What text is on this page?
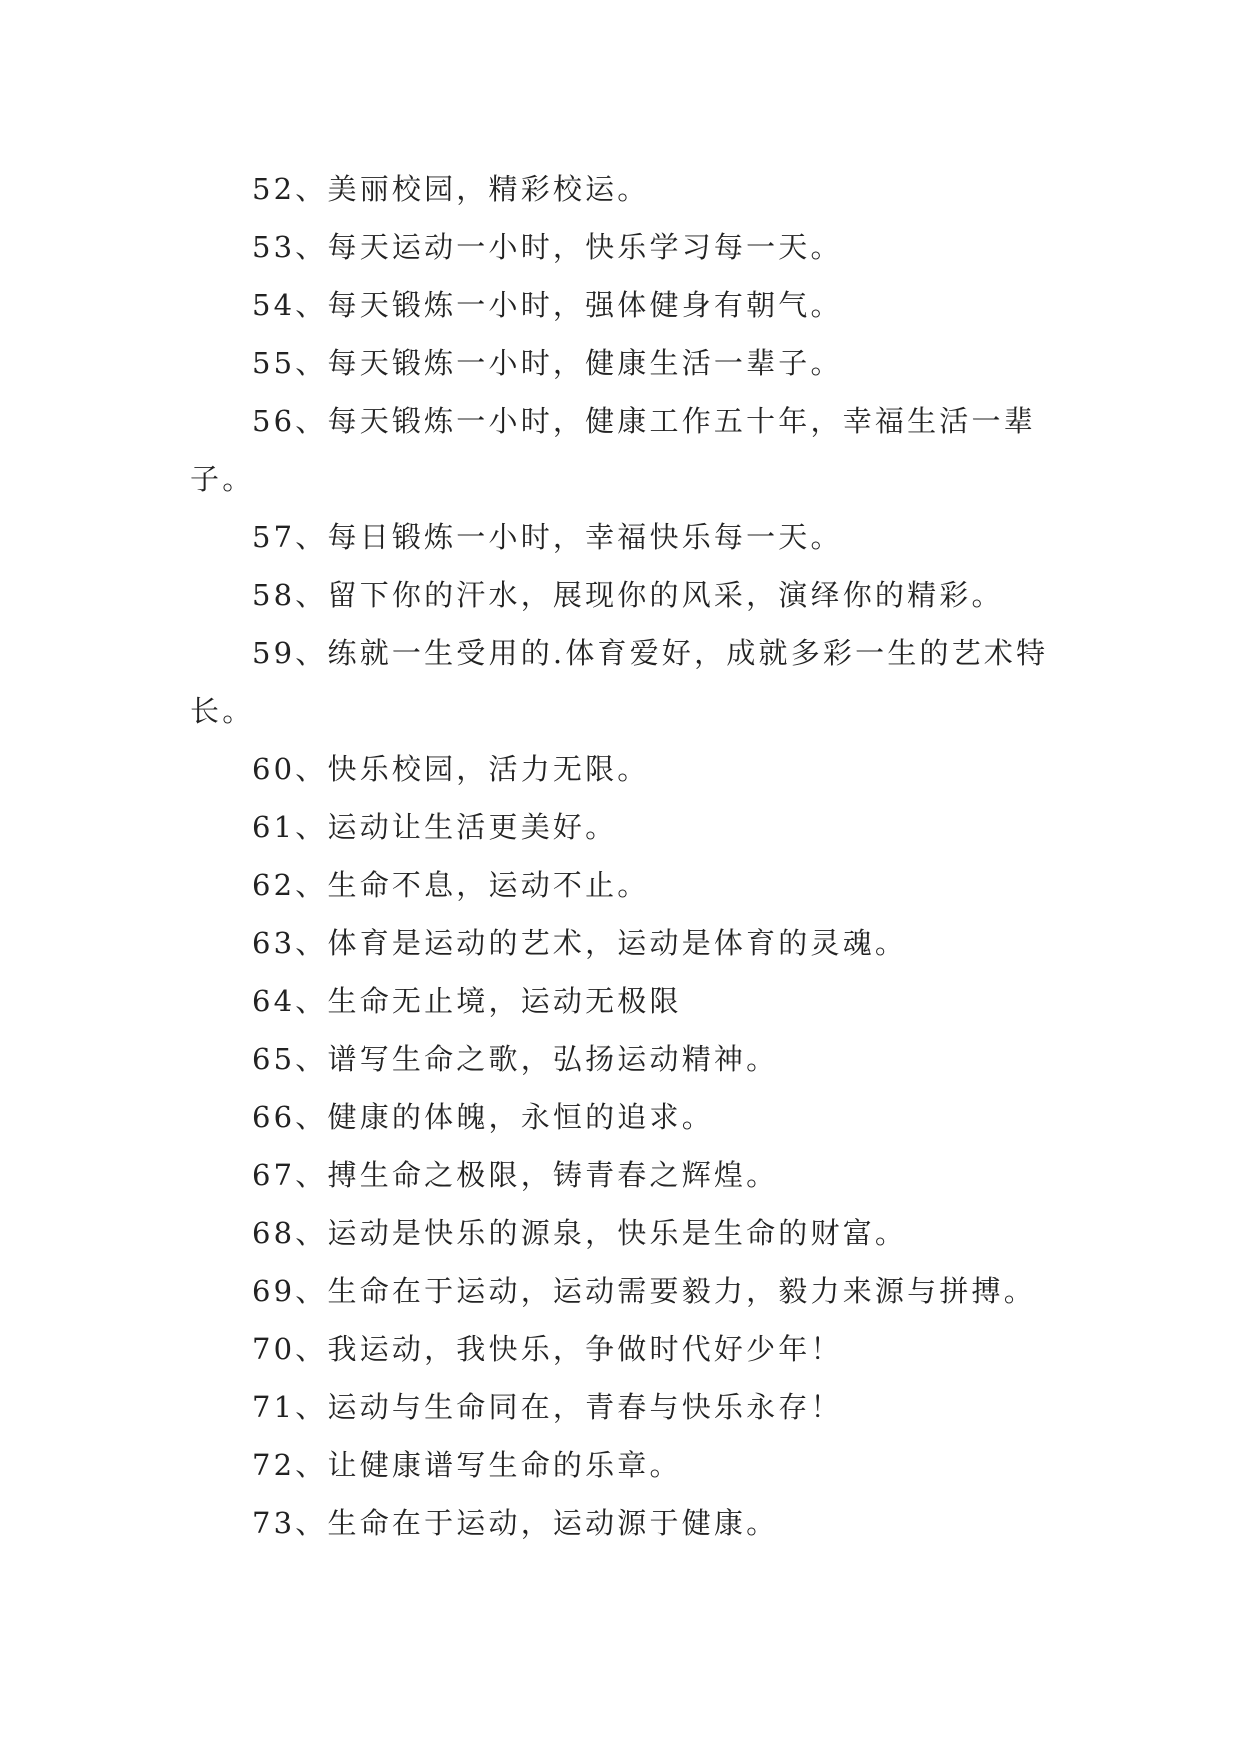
52、美丽校园，精彩校运。

53、每天运动一小时，快乐学习每一天。

54、每天锻炼一小时，强体健身有朝气。

55、每天锻炼一小时，健康生活一辈子。

56、每天锻炼一小时，健康工作五十年，幸福生活一辈子。

57、每日锻炼一小时，幸福快乐每一天。

58、留下你的汗水，展现你的风采，演绎你的精彩。

59、练就一生受用的.体育爱好，成就多彩一生的艺术特长。

60、快乐校园，活力无限。

61、运动让生活更美好。

62、生命不息，运动不止。

63、体育是运动的艺术，运动是体育的灵魂。

64、生命无止境，运动无极限

65、谱写生命之歌，弘扬运动精神。

66、健康的体魄，永恒的追求。

67、搏生命之极限，铸青春之辉煌。

68、运动是快乐的源泉，快乐是生命的财富。

69、生命在于运动，运动需要毅力，毅力来源与拼搏。

70、我运动，我快乐，争做时代好少年！

71、运动与生命同在，青春与快乐永存！

72、让健康谱写生命的乐章。

73、生命在于运动，运动源于健康。
